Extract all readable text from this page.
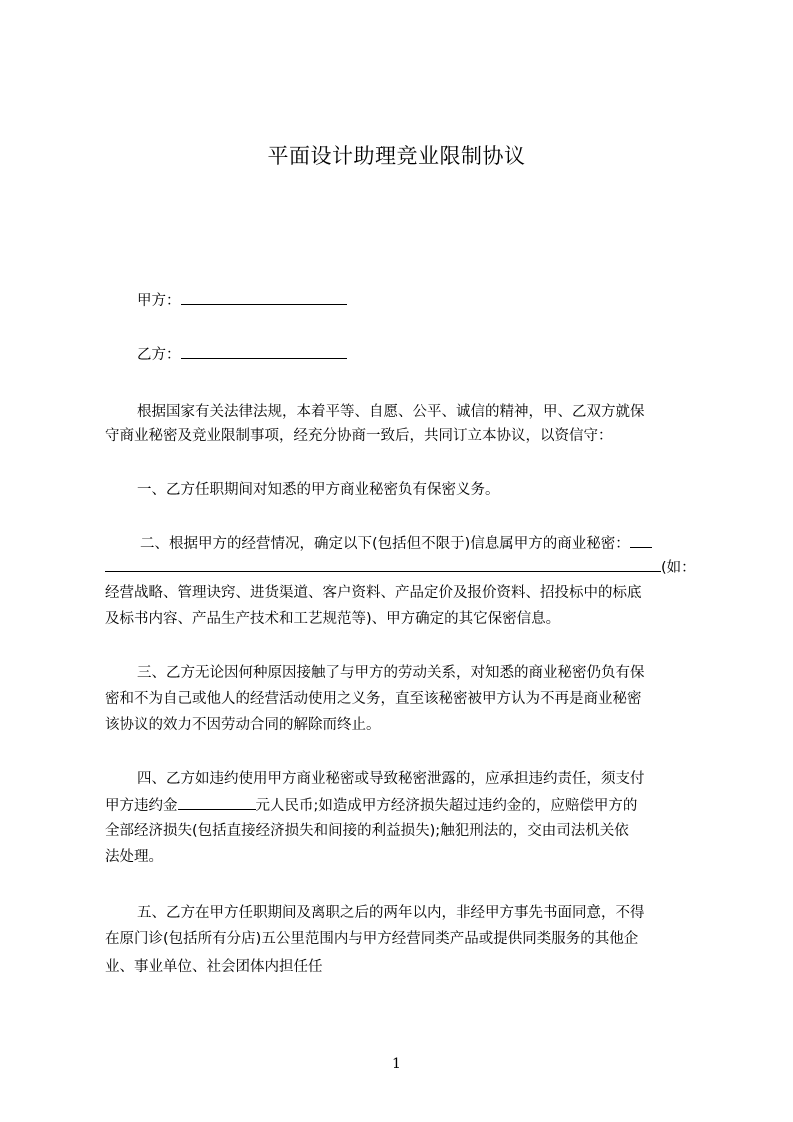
平面设计助理竞业限制协议
甲方：
乙方：
根据国家有关法律法规，本着平等、自愿、公平、诚信的精神，甲、乙双方就保
守商业秘密及竞业限制事项，经充分协商一致后，共同订立本协议，以资信守：
一、乙方任职期间对知悉的甲方商业秘密负有保密义务。
二、根据甲方的经营情况，确定以下(包括但不限于)信息属甲方的商业秘密：
(如：
经营战略、管理诀窍、进货渠道、客户资料、产品定价及报价资料、招投标中的标底
及标书内容、产品生产技术和工艺规范等)、甲方确定的其它保密信息。
三、乙方无论因何种原因接触了与甲方的劳动关系，对知悉的商业秘密仍负有保
密和不为自己或他人的经营活动使用之义务，直至该秘密被甲方认为不再是商业秘密
该协议的效力不因劳动合同的解除而终止。
四、乙方如违约使用甲方商业秘密或导致秘密泄露的，应承担违约责任，须支付
甲方违约金	元人民币;如造成甲方经济损失超过违约金的，应赔偿甲方的
全部经济损失(包括直接经济损失和间接的利益损失);触犯刑法的，交由司法机关依
法处理。
五、乙方在甲方任职期间及离职之后的两年以内，非经甲方事先书面同意，不得
在原门诊(包括所有分店)五公里范围内与甲方经营同类产品或提供同类服务的其他企
业、事业单位、社会团体内担任任
1
